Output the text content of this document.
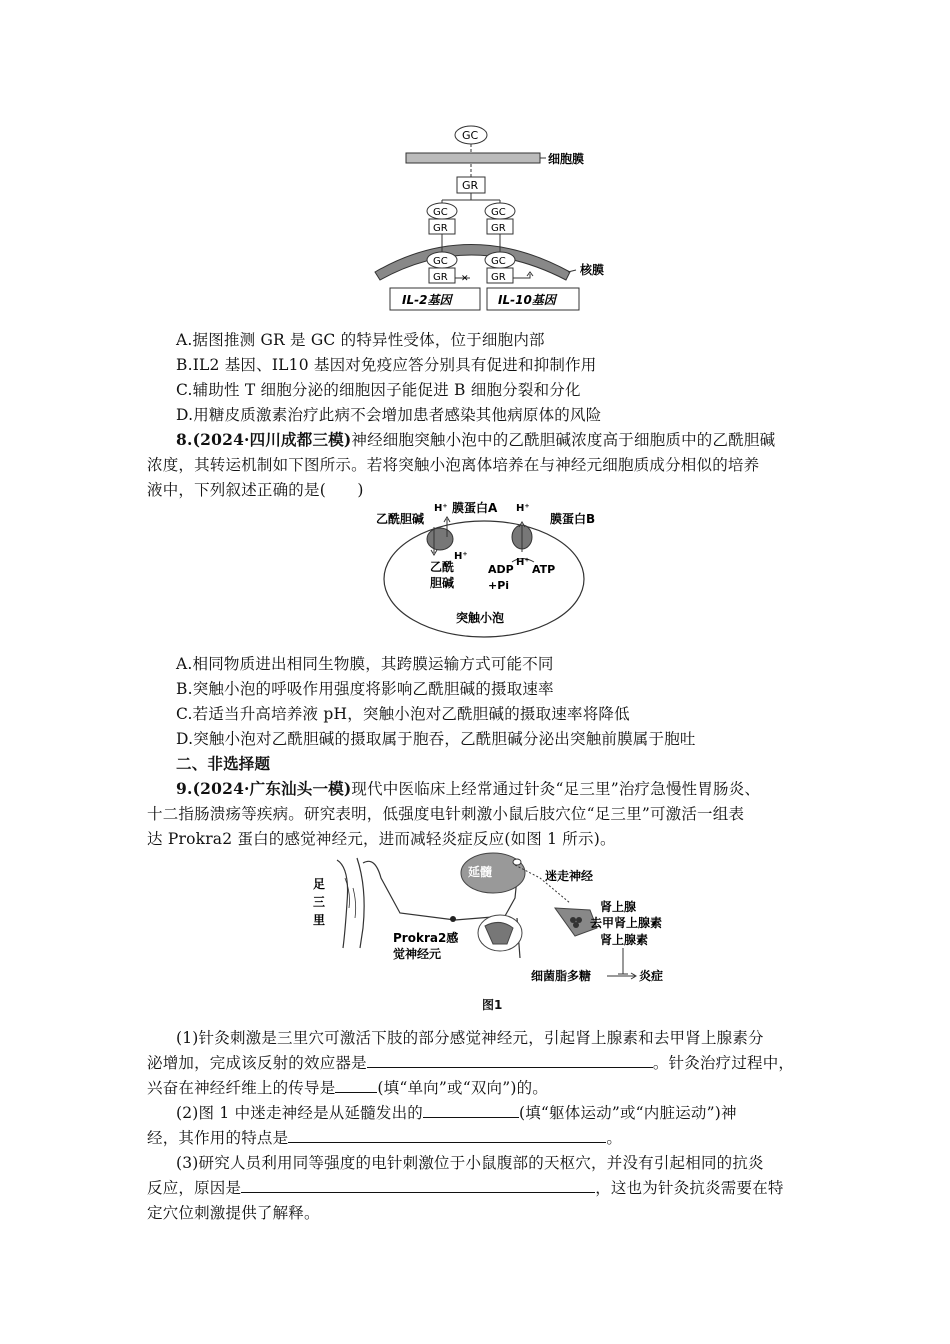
GC
GR
GC	GC
GR	GR
GC	GC
GR	GR
✕
细胞膜
核膜
IL-2基因	IL-10基因
A.据图推测 GR 是 GC 的特异性受体，位于细胞内部
B.IL2 基因、IL10 基因对免疫应答分别具有促进和抑制作用
C.辅助性 T 细胞分泌的细胞因子能促进 B 细胞分裂和分化
D.用糖皮质激素治疗此病不会增加患者感染其他病原体的风险
8.(2024·四川成都三模)神经细胞突触小泡中的乙酰胆碱浓度高于细胞质中的乙酰胆碱
浓度，其转运机制如下图所示。若将突触小泡离体培养在与神经元细胞质成分相似的培养
液中，下列叙述正确的是(　　)
乙酰胆碱
H⁺ 膜蛋白A H⁺
膜蛋白B
H⁺
乙酰
胆碱
ADP
H⁺
ATP
+Pi
突触小泡
A.相同物质进出相同生物膜，其跨膜运输方式可能不同
B.突触小泡的呼吸作用强度将影响乙酰胆碱的摄取速率
C.若适当升高培养液 pH，突触小泡对乙酰胆碱的摄取速率将降低
D.突触小泡对乙酰胆碱的摄取属于胞吞，乙酰胆碱分泌出突触前膜属于胞吐
二、非选择题
9.(2024·广东汕头一模)现代中医临床上经常通过针灸“足三里”治疗急慢性胃肠炎、
十二指肠溃疡等疾病。研究表明，低强度电针刺激小鼠后肢穴位“足三里”可激活一组表
达 Prokra2 蛋白的感觉神经元，进而减轻炎症反应(如图 1 所示)。
足
三
里
延髓	迷走神经
肾上腺
去甲肾上腺素
肾上腺素
Prokra2感
觉神经元
细菌脂多糖	炎症
图1
(1)针灸刺激是三里穴可激活下肢的部分感觉神经元，引起肾上腺素和去甲肾上腺素分
泌增加，完成该反射的效应器是	。针灸治疗过程中，
兴奋在神经纤维上的传导是	(填“单向”或“双向”)的。
(2)图 1 中迷走神经是从延髓发出的	(填“躯体运动”或“内脏运动”)神
经，其作用的特点是	。
(3)研究人员利用同等强度的电针刺激位于小鼠腹部的天枢穴，并没有引起相同的抗炎
反应，原因是	，这也为针灸抗炎需要在特
定穴位刺激提供了解释。
